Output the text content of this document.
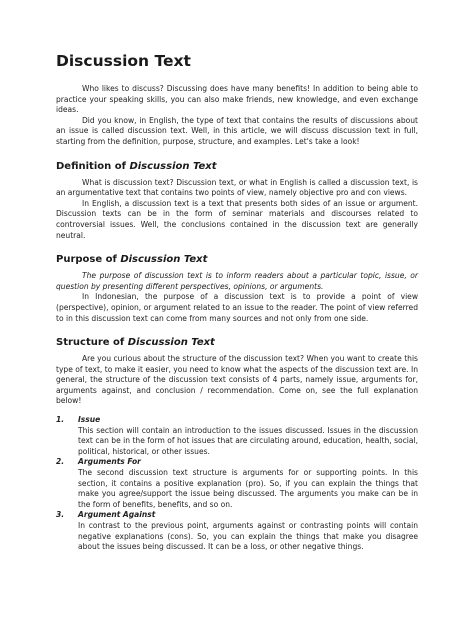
Discussion Text

Who likes to discuss? Discussing does have many benefits! In addition to being able to practice your speaking skills, you can also make friends, new knowledge, and even exchange ideas.

Did you know, in English, the type of text that contains the results of discussions about an issue is called discussion text. Well, in this article, we will discuss discussion text in full, starting from the definition, purpose, structure, and examples. Let's take a look!

Definition of Discussion Text

What is discussion text? Discussion text, or what in English is called a discussion text, is an argumentative text that contains two points of view, namely objective pro and con views.

In English, a discussion text is a text that presents both sides of an issue or argument. Discussion texts can be in the form of seminar materials and discourses related to controversial issues. Well, the conclusions contained in the discussion text are generally neutral.

Purpose of Discussion Text

The purpose of discussion text is to inform readers about a particular topic, issue, or question by presenting different perspectives, opinions, or arguments.

In Indonesian, the purpose of a discussion text is to provide a point of view (perspective), opinion, or argument related to an issue to the reader. The point of view referred to in this discussion text can come from many sources and not only from one side.

Structure of Discussion Text

Are you curious about the structure of the discussion text? When you want to create this type of text, to make it easier, you need to know what the aspects of the discussion text are. In general, the structure of the discussion text consists of 4 parts, namely issue, arguments for, arguments against, and conclusion / recommendation. Come on, see the full explanation below!

1.	Issue

This section will contain an introduction to the issues discussed. Issues in the discussion text can be in the form of hot issues that are circulating around, education, health, social, political, historical, or other issues.

2.	Arguments For

The second discussion text structure is arguments for or supporting points. In this section, it contains a positive explanation (pro). So, if you can explain the things that make you agree/support the issue being discussed. The arguments you make can be in the form of benefits, benefits, and so on.

3.	Argument Against

In contrast to the previous point, arguments against or contrasting points will contain negative explanations (cons). So, you can explain the things that make you disagree about the issues being discussed. It can be a loss, or other negative things.
